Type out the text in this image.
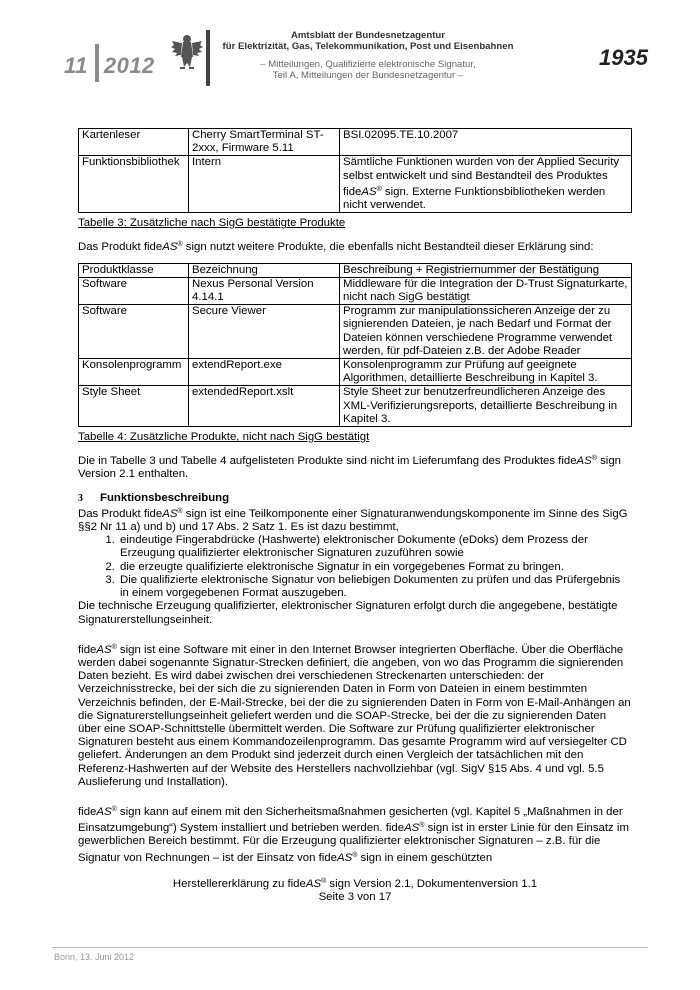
11 2012
Amtsblatt der Bundesnetzagentur
für Elektrizität, Gas, Telekommunikation, Post und Eisenbahnen
– Mitteilungen, Qualifizierte elektronische Signatur,
Teil A, Mitteilungen der Bundesnetzagentur –
1935
Kartenleser	Cherry SmartTerminal ST-2xxx, Firmware 5.11	BSI.02095.TE.10.2007
Funktionsbibliothek	Intern	Sämtliche Funktionen wurden von der Applied Security selbst entwickelt und sind Bestandteil des Produktes fideAS® sign. Externe Funktionsbibliotheken werden nicht verwendet.
Tabelle 3: Zusätzliche nach SigG bestätigte Produkte

Das Produkt fideAS® sign nutzt weitere Produkte, die ebenfalls nicht Bestandteil dieser Erklärung sind:

Produktklasse	Bezeichnung	Beschreibung + Registriernummer der Bestätigung
Software	Nexus Personal Version 4.14.1	Middleware für die Integration der D-Trust Signaturkarte, nicht nach SigG bestätigt
Software	Secure Viewer	Programm zur manipulationssicheren Anzeige der zu signierenden Dateien, je nach Bedarf und Format der Dateien können verschiedene Programme verwendet werden, für pdf-Dateien z.B. der Adobe Reader
Konsolenprogramm	extendReport.exe	Konsolenprogramm zur Prüfung auf geeignete Algorithmen, detaillierte Beschreibung in Kapitel 3.
Style Sheet	extendedReport.xslt	Style Sheet zur benutzerfreundlicheren Anzeige des XML-Verifizierungsreports, detaillierte Beschreibung in Kapitel 3.
Tabelle 4: Zusätzliche Produkte, nicht nach SigG bestätigt

Die in Tabelle 3 und Tabelle 4 aufgelisteten Produkte sind nicht im Lieferumfang des Produktes fideAS® sign Version 2.1 enthalten.

3 Funktionsbeschreibung

Das Produkt fideAS® sign ist eine Teilkomponente einer Signaturanwendungskomponente im Sinne des SigG §§2 Nr 11 a) und b) und 17 Abs. 2 Satz 1. Es ist dazu bestimmt,

1. eindeutige Fingerabdrücke (Hashwerte) elektronischer Dokumente (eDoks) dem Prozess der Erzeugung qualifizierter elektronischer Signaturen zuzuführen sowie
2. die erzeugte qualifizierte elektronische Signatur in ein vorgegebenes Format zu bringen.
3. Die qualifizierte elektronische Signatur von beliebigen Dokumenten zu prüfen und das Prüfergebnis in einem vorgegebenen Format auszugeben.

Die technische Erzeugung qualifizierter, elektronischer Signaturen erfolgt durch die angegebene, bestätigte Signaturerstellungseinheit.

fideAS® sign ist eine Software mit einer in den Internet Browser integrierten Oberfläche. Über die Oberfläche werden dabei sogenannte Signatur-Strecken definiert, die angeben, von wo das Programm die signierenden Daten bezieht. Es wird dabei zwischen drei verschiedenen Streckenarten unterschieden: der Verzeichnisstrecke, bei der sich die zu signierenden Daten in Form von Dateien in einem bestimmten Verzeichnis befinden, der E-Mail-Strecke, bei der die zu signierenden Daten in Form von E-Mail-Anhängen an die Signaturerstellungseinheit geliefert werden und die SOAP-Strecke, bei der die zu signierenden Daten über eine SOAP-Schnittstelle übermittelt werden. Die Software zur Prüfung qualifizierter elektronischer Signaturen besteht aus einem Kommandozeilenprogramm. Das gesamte Programm wird auf versiegelter CD geliefert. Änderungen an dem Produkt sind jederzeit durch einen Vergleich der tatsächlichen mit den Referenz-Hashwerten auf der Website des Herstellers nachvollziehbar (vgl. SigV §15 Abs. 4 und vgl. 5.5 Auslieferung und Installation).

fideAS® sign kann auf einem mit den Sicherheitsmaßnahmen gesicherten (vgl. Kapitel 5 „Maßnahmen in der Einsatzumgebung“) System installiert und betrieben werden. fideAS® sign ist in erster Linie für den Einsatz im gewerblichen Bereich bestimmt. Für die Erzeugung qualifizierter elektronischer Signaturen – z.B. für die Signatur von Rechnungen – ist der Einsatz von fideAS® sign in einem geschützten

Herstellererklärung zu fideAS® sign Version 2.1, Dokumentenversion 1.1
Seite 3 von 17
Bonn, 13. Juni 2012
